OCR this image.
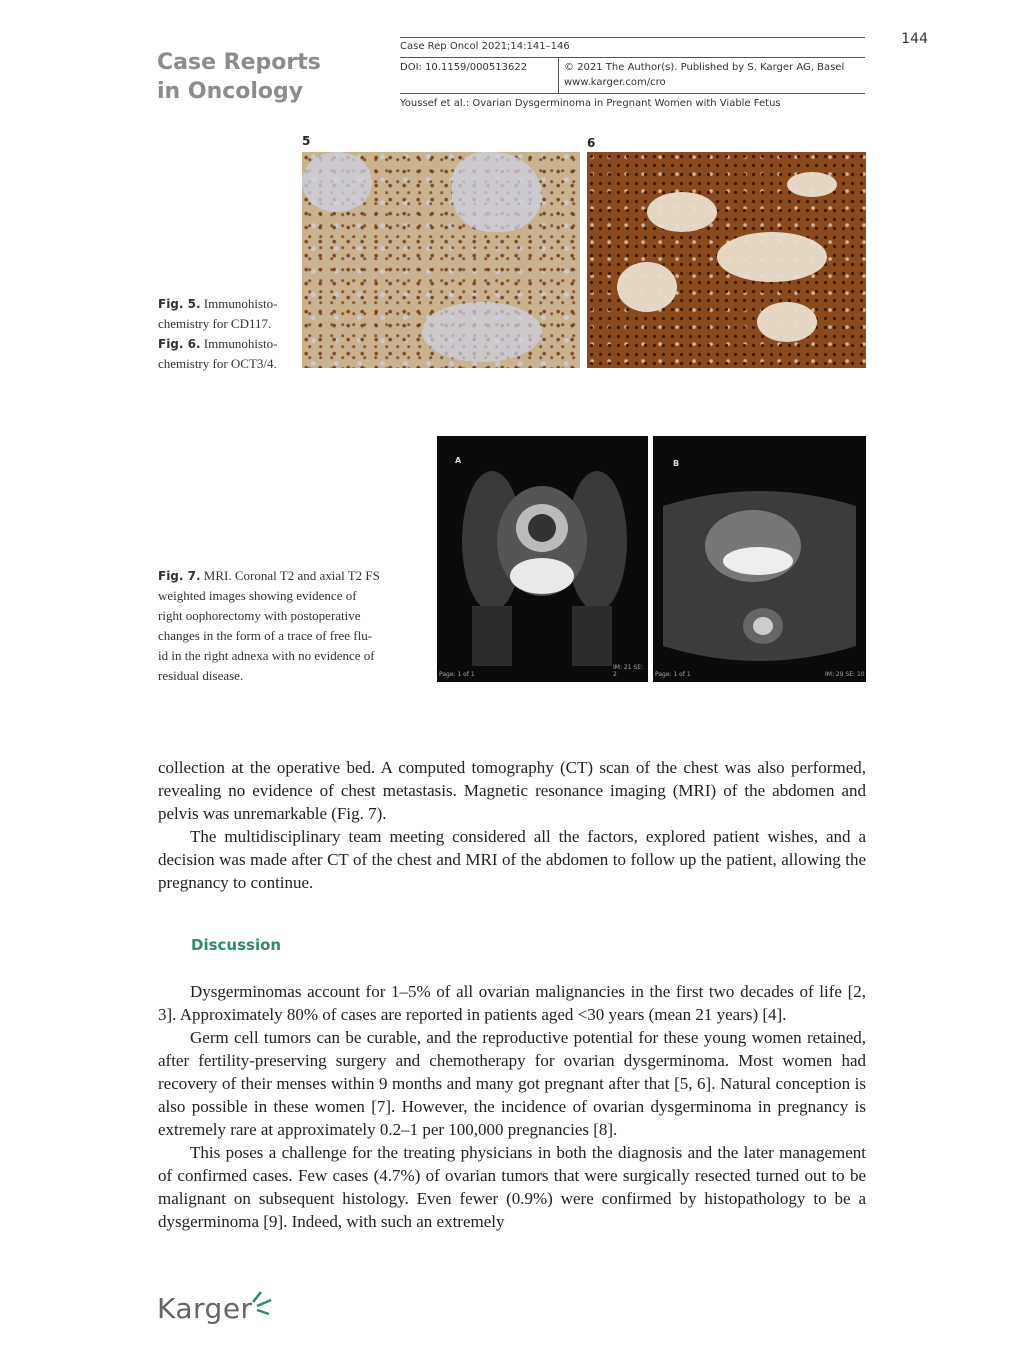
Case Reports
in Oncology
144
Case Rep Oncol 2021;14:141–146
DOI: 10.1159/000513622	© 2021 The Author(s). Published by S. Karger AG, Basel
www.karger.com/cro
Youssef et al.: Ovarian Dysgerminoma in Pregnant Women with Viable Fetus
5	6
Fig. 5. Immunohisto-
chemistry for CD117.
Fig. 6. Immunohisto-
chemistry for OCT3/4.
A
Page: 1 of 1
IM: 21 SE: 2
B
Page: 1 of 1	IM: 29 SE: 10
Fig. 7. MRI. Coronal T2 and axial T2 FS
weighted images showing evidence of
right oophorectomy with postoperative
changes in the form of a trace of free flu-
id in the right adnexa with no evidence of
residual disease.

collection at the operative bed. A computed tomography (CT) scan of the chest was also performed, revealing no evidence of chest metastasis. Magnetic resonance imaging (MRI) of the abdomen and pelvis was unremarkable (Fig. 7).

The multidisciplinary team meeting considered all the factors, explored patient wishes, and a decision was made after CT of the chest and MRI of the abdomen to follow up the patient, allowing the pregnancy to continue.

Discussion

Dysgerminomas account for 1–5% of all ovarian malignancies in the first two decades of life [2, 3]. Approximately 80% of cases are reported in patients aged <30 years (mean 21 years) [4].

Germ cell tumors can be curable, and the reproductive potential for these young women retained, after fertility-preserving surgery and chemotherapy for ovarian dysgerminoma. Most women had recovery of their menses within 9 months and many got pregnant after that [5, 6]. Natural conception is also possible in these women [7]. However, the incidence of ovarian dysgerminoma in pregnancy is extremely rare at approximately 0.2–1 per 100,000 pregnancies [8].

This poses a challenge for the treating physicians in both the diagnosis and the later management of confirmed cases. Few cases (4.7%) of ovarian tumors that were surgically resected turned out to be malignant on subsequent histology. Even fewer (0.9%) were confirmed by histopathology to be a dysgerminoma [9]. Indeed, with such an extremely

Karger
